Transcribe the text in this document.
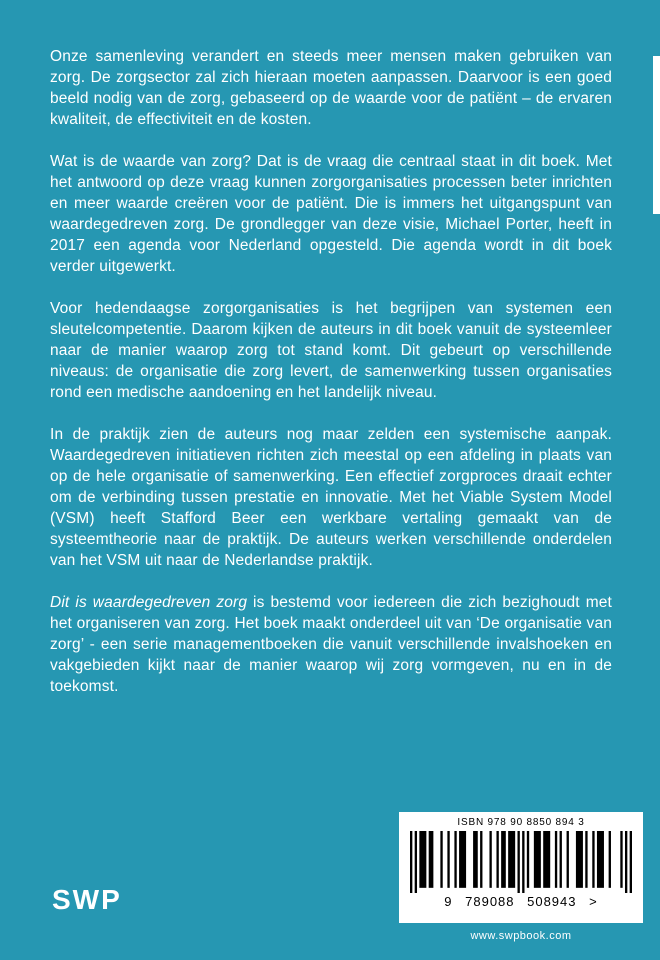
Onze samenleving verandert en steeds meer mensen maken gebruiken van zorg. De zorgsector zal zich hieraan moeten aanpassen. Daarvoor is een goed beeld nodig van de zorg, gebaseerd op de waarde voor de patiënt – de ervaren kwaliteit, de effectiviteit en de kosten.

Wat is de waarde van zorg? Dat is de vraag die centraal staat in dit boek. Met het antwoord op deze vraag kunnen zorgorganisaties processen beter inrichten en meer waarde creëren voor de patiënt. Die is immers het uitgangspunt van waardegedreven zorg. De grondlegger van deze visie, Michael Porter, heeft in 2017 een agenda voor Nederland opgesteld. Die agenda wordt in dit boek verder uitgewerkt.

Voor hedendaagse zorgorganisaties is het begrijpen van systemen een sleutelcompetentie. Daarom kijken de auteurs in dit boek vanuit de systeemleer naar de manier waarop zorg tot stand komt. Dit gebeurt op verschillende niveaus: de organisatie die zorg levert, de samenwerking tussen organisaties rond een medische aandoening en het landelijk niveau.

In de praktijk zien de auteurs nog maar zelden een systemische aanpak. Waardegedreven initiatieven richten zich meestal op een afdeling in plaats van op de hele organisatie of samenwerking. Een effectief zorgproces draait echter om de verbinding tussen prestatie en innovatie. Met het Viable System Model (VSM) heeft Stafford Beer een werkbare vertaling gemaakt van de systeemtheorie naar de praktijk. De auteurs werken verschillende onderdelen van het VSM uit naar de Nederlandse praktijk.

Dit is waardegedreven zorg is bestemd voor iedereen die zich bezighoudt met het organiseren van zorg. Het boek maakt onderdeel uit van ‘De organisatie van zorg’ - een serie managementboeken die vanuit verschillende invalshoeken en vakgebieden kijkt naar de manier waarop wij zorg vormgeven, nu en in de toekomst.

SWP
ISBN 978 90 8850 894 3
9 789088 508943 >
www.swpbook.com
